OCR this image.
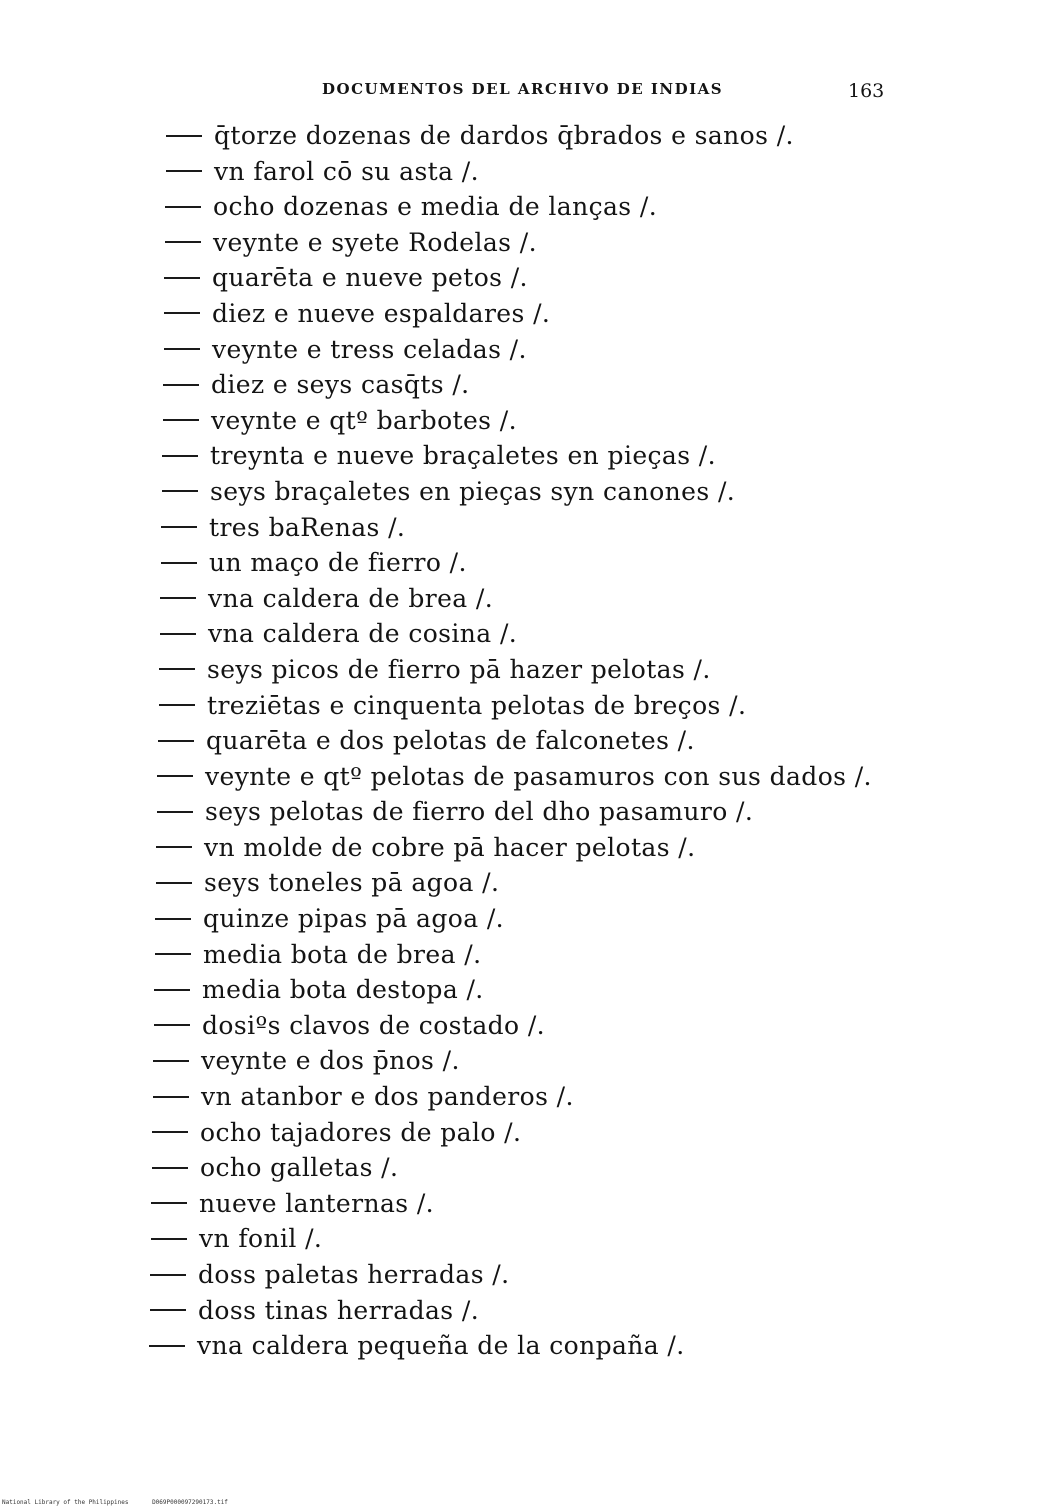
DOCUMENTOS DEL ARCHIVO DE INDIAS	163
q̄torze dozenas de dardos q̄brados e sanos /.
vn farol cō su asta /.
ocho dozenas e media de lanças /.
veynte e syete Rodelas /.
quarēta e nueve petos /.
diez e nueve espaldares /.
veynte e tress celadas /.
diez e seys casq̄ts /.
veynte e qtº barbotes /.
treynta e nueve braçaletes en pieças /.
seys braçaletes en pieças syn canones /.
tres baRenas /.
un maço de fierro /.
vna caldera de brea /.
vna caldera de cosina /.
seys picos de fierro pā hazer pelotas /.
treziētas e cinquenta pelotas de breços /.
quarēta e dos pelotas de falconetes /.
veynte e qtº pelotas de pasamuros con sus dados /.
seys pelotas de fierro del dho pasamuro /.
vn molde de cobre pā hacer pelotas /.
seys toneles pā agoa /.
quinze pipas pā agoa /.
media bota de brea /.
media bota destopa /.
dosiºs clavos de costado /.
veynte e dos p̄nos /.
vn atanbor e dos panderos /.
ocho tajadores de palo /.
ocho galletas /.
nueve lanternas /.
vn fonil /.
doss paletas herradas /.
doss tinas herradas /.
vna caldera pequeña de la conpaña /.
National Library of the Philippines	D069P000097290173.tif
